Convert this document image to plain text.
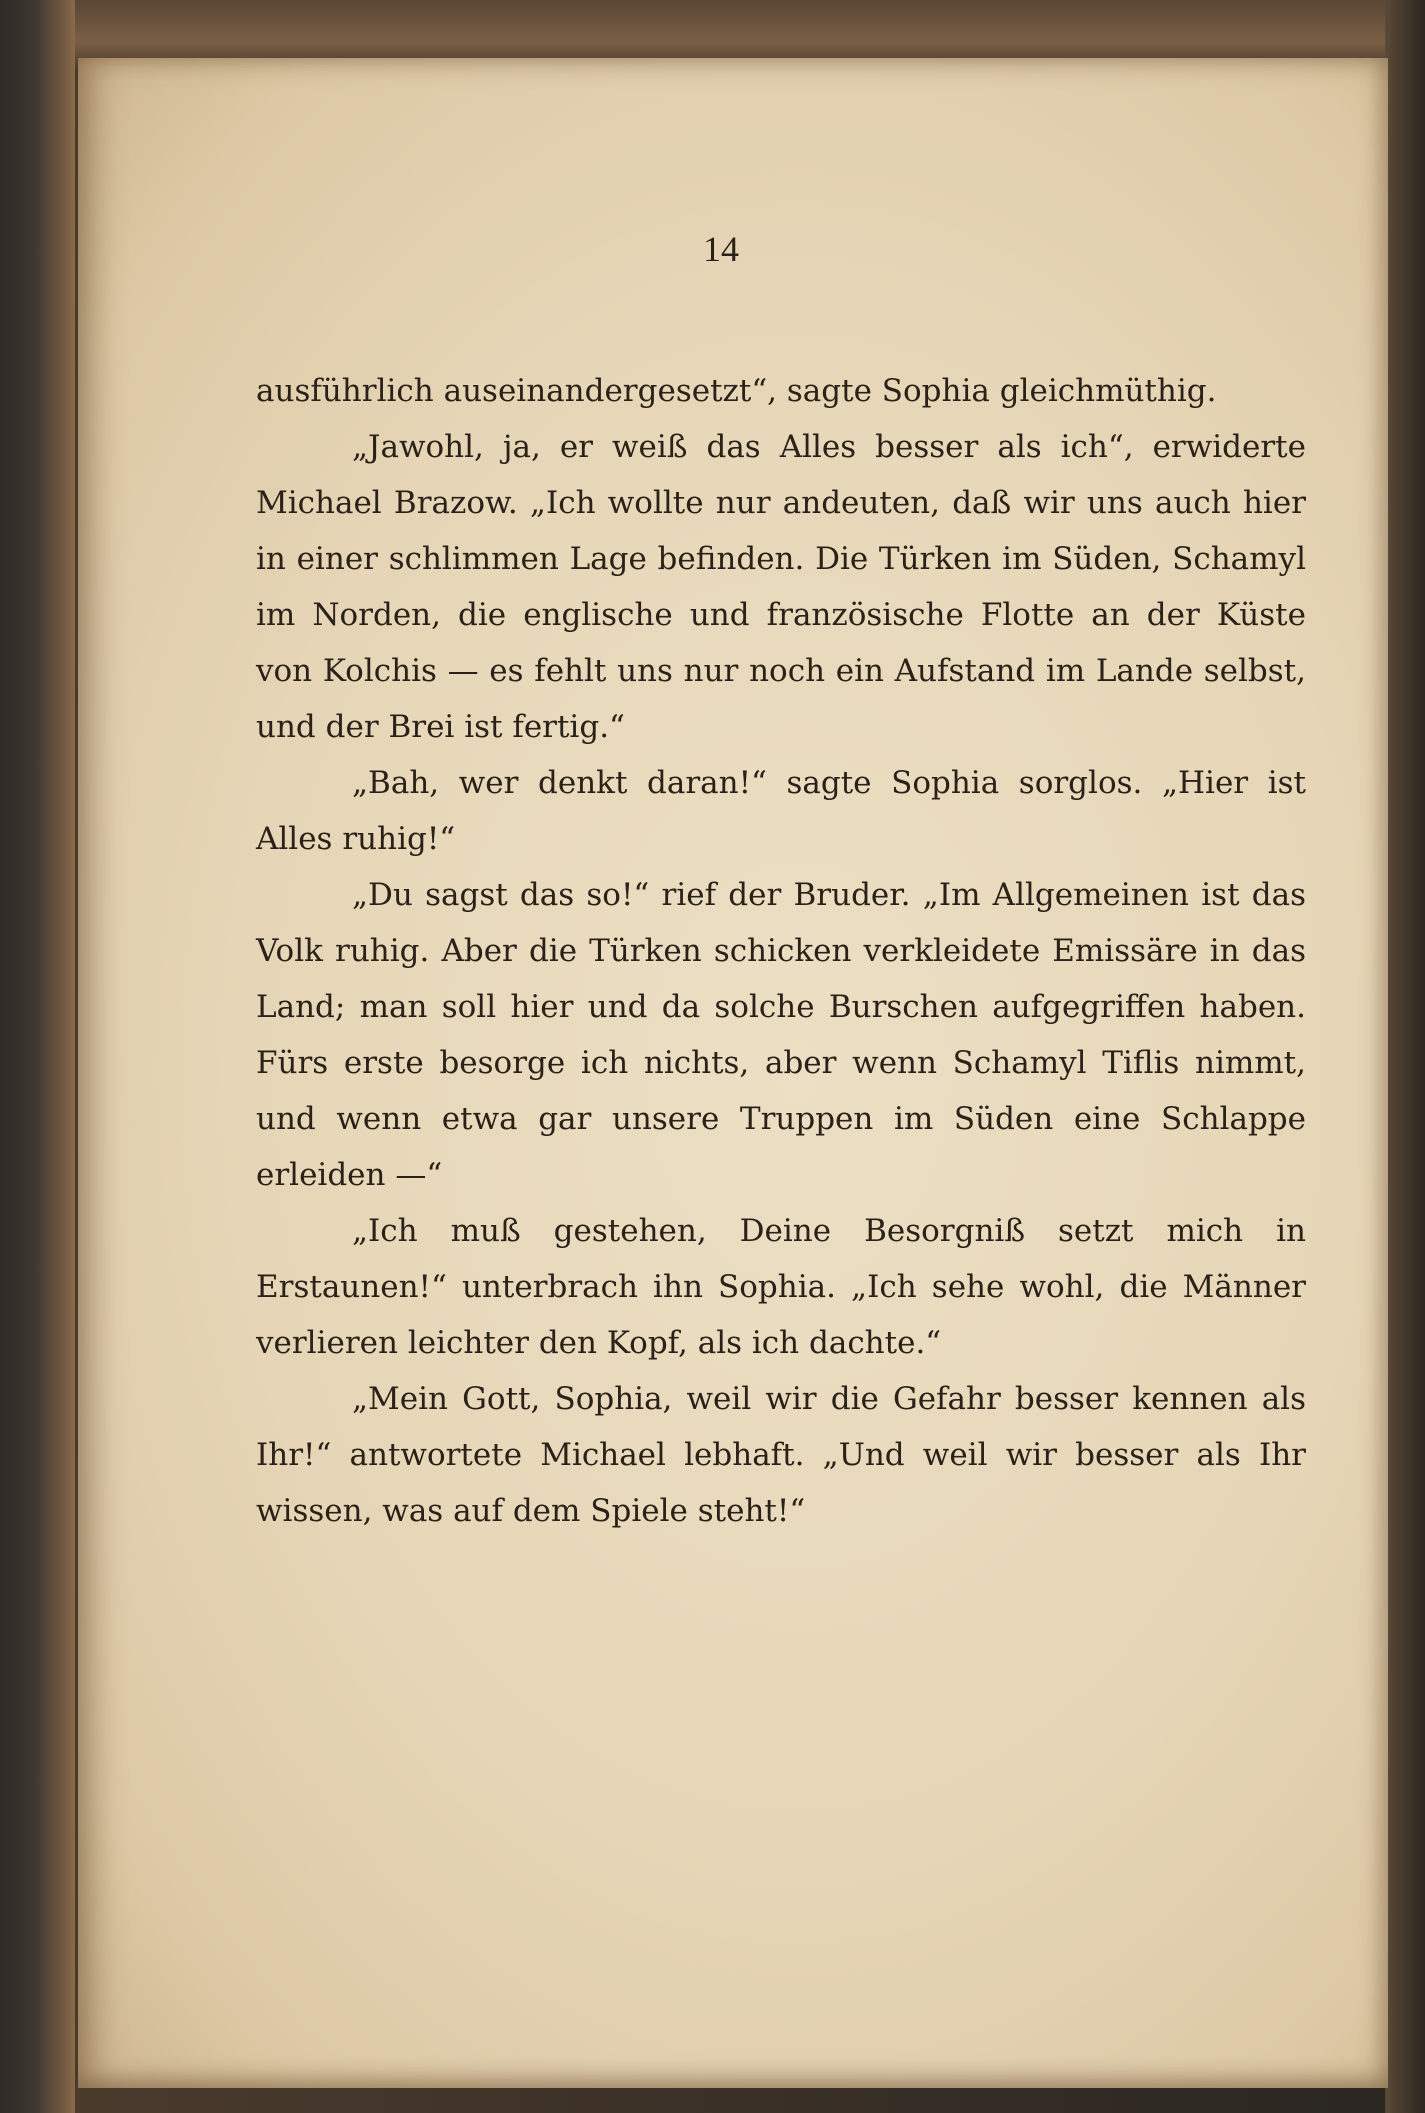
14

ausführlich auseinandergesetzt“, sagte Sophia gleichmüthig.

„Jawohl, ja, er weiß das Alles besser als ich“, erwiderte Michael Brazow. „Ich wollte nur andeuten, daß wir uns auch hier in einer schlimmen Lage befinden. Die Türken im Süden, Schamyl im Norden, die englische und französische Flotte an der Küste von Kolchis — es fehlt uns nur noch ein Aufstand im Lande selbst, und der Brei ist fertig.“

„Bah, wer denkt daran!“ sagte Sophia sorglos. „Hier ist Alles ruhig!“

„Du sagst das so!“ rief der Bruder. „Im Allgemeinen ist das Volk ruhig. Aber die Türken schicken verkleidete Emissäre in das Land; man soll hier und da solche Burschen aufgegriffen haben. Fürs erste besorge ich nichts, aber wenn Schamyl Tiflis nimmt, und wenn etwa gar unsere Truppen im Süden eine Schlappe erleiden —“

„Ich muß gestehen, Deine Besorgniß setzt mich in Erstaunen!“ unterbrach ihn Sophia. „Ich sehe wohl, die Männer verlieren leichter den Kopf, als ich dachte.“

„Mein Gott, Sophia, weil wir die Gefahr besser kennen als Ihr!“ antwortete Michael lebhaft. „Und weil wir besser als Ihr wissen, was auf dem Spiele steht!“
